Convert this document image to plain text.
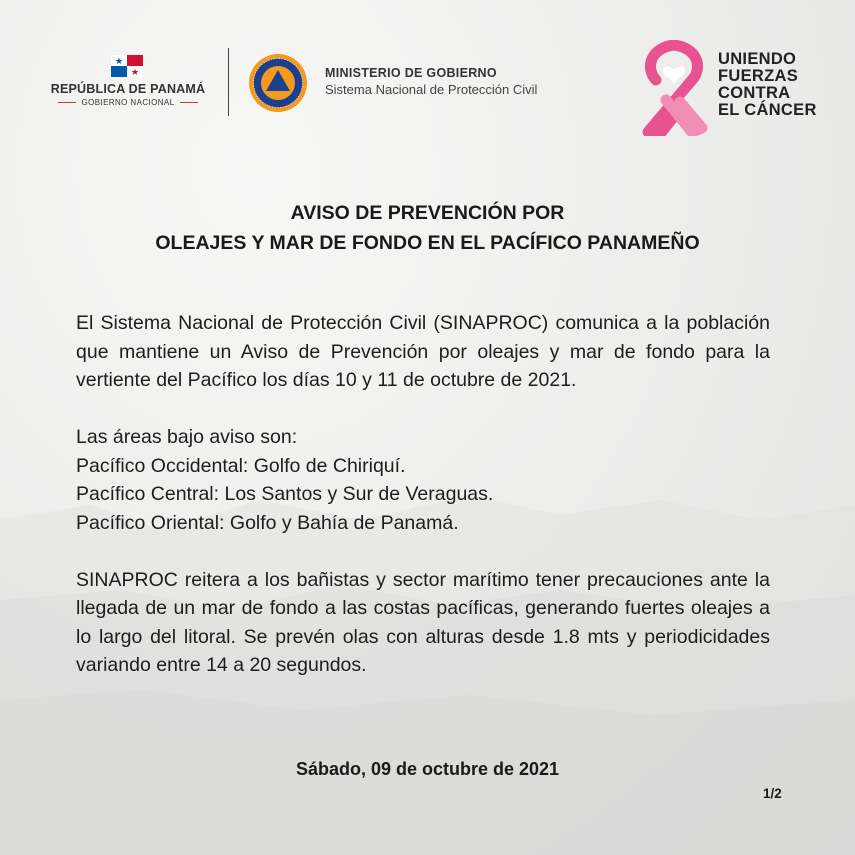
REPÚBLICA DE PANAMÁ
GOBIERNO NACIONAL
MINISTERIO DE GOBIERNO
Sistema Nacional de Protección Civil
UNIENDO
FUERZAS
CONTRA
EL CÁNCER
AVISO DE PREVENCIÓN POR
OLEAJES Y MAR DE FONDO EN EL PACÍFICO PANAMEÑO

El Sistema Nacional de Protección Civil (SINAPROC) comunica a la población que mantiene un Aviso de Prevención por oleajes y mar de fondo para la vertiente del Pacífico los días 10 y 11 de octubre de 2021.

Las áreas bajo aviso son:
Pacífico Occidental: Golfo de Chiriquí.
Pacífico Central: Los Santos y Sur de Veraguas.
Pacífico Oriental: Golfo y Bahía de Panamá.

SINAPROC reitera a los bañistas y sector marítimo tener precauciones ante la llegada de un mar de fondo a las costas pacíficas, generando fuertes oleajes a lo largo del litoral. Se prevén olas con alturas desde 1.8 mts y periodicidades variando entre 14 a 20 segundos.

Sábado, 09 de octubre de 2021
1/2
